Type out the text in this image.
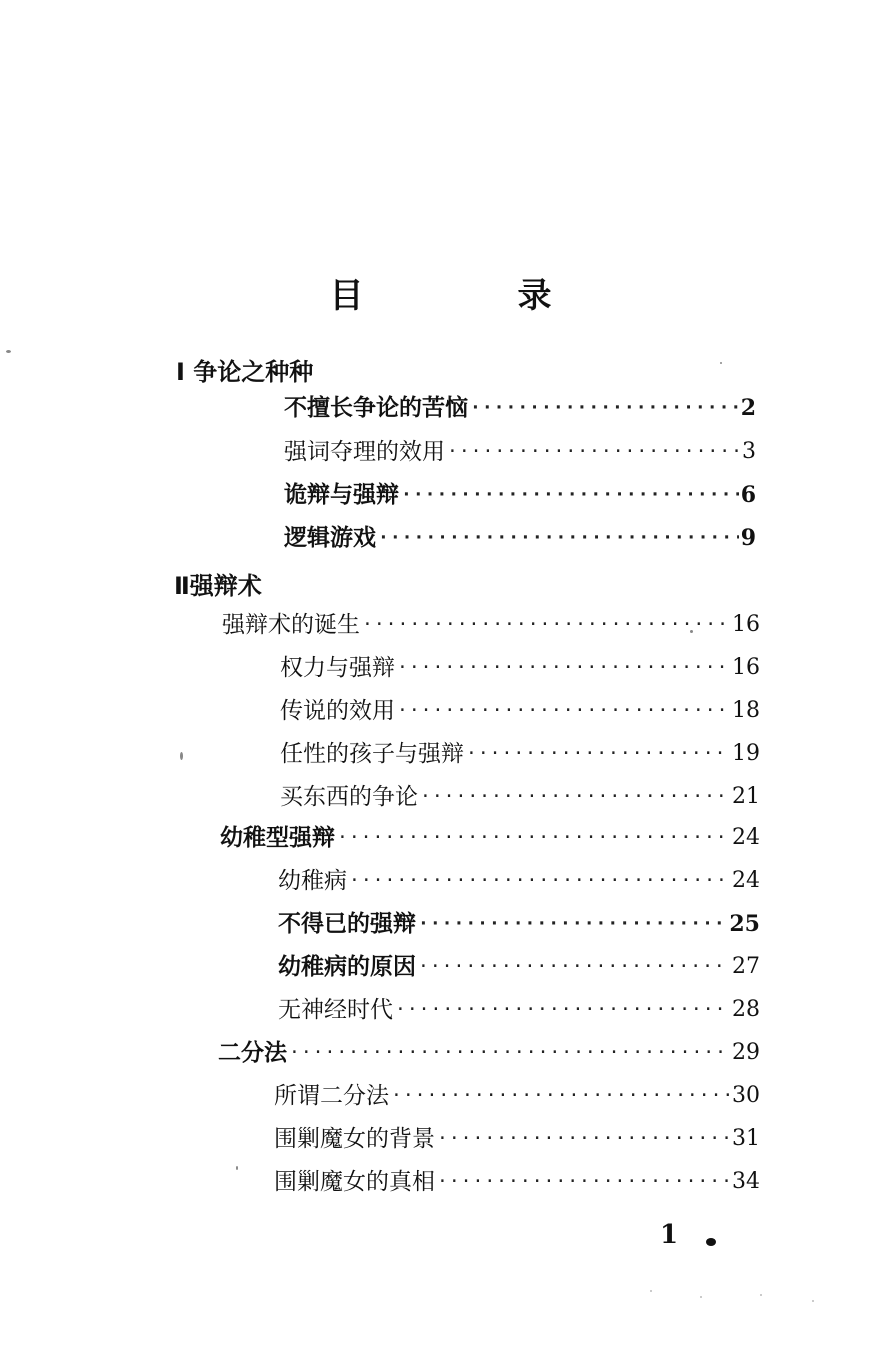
目　录
I 争论之种种
不擅长争论的苦恼 ·····	2
强词夺理的效用 ·····	3
诡辩与强辩 ·····	6
逻辑游戏 ·····	9
Ⅱ强辩术
强辩术的诞生 ·····	16
权力与强辩 ·····	16
传说的效用 ·····	18
任性的孩子与强辩 ·····	19
买东西的争论 ·····	21
幼稚型强辩 ·····	24
幼稚病 ·····	24
不得已的强辩 ·····	25
幼稚病的原因 ·····	27
无神经时代 ·····	28
二分法 ·····	29
所谓二分法 ·····	30
围剿魔女的背景 ·····	31
围剿魔女的真相 ·····	34
1
